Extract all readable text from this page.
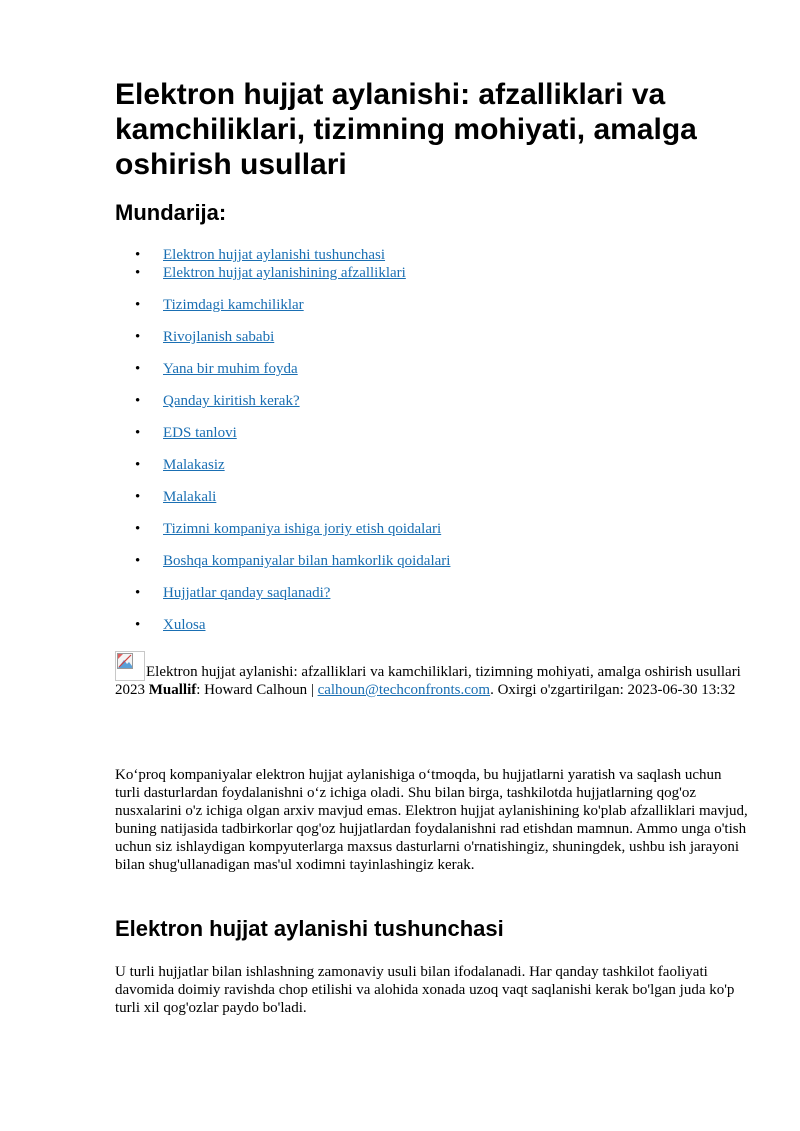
Elektron hujjat aylanishi: afzalliklari va kamchiliklari, tizimning mohiyati, amalga oshirish usullari
Mundarija:
• Elektron hujjat aylanishi tushunchasi
• Elektron hujjat aylanishining afzalliklari
• Tizimdagi kamchiliklar
• Rivojlanish sababi
• Yana bir muhim foyda
• Qanday kiritish kerak?
• EDS tanlovi
• Malakasiz
• Malakali
• Tizimni kompaniya ishiga joriy etish qoidalari
• Boshqa kompaniyalar bilan hamkorlik qoidalari
• Hujjatlar qanday saqlanadi?
• Xulosa
Elektron hujjat aylanishi: afzalliklari va kamchiliklari, tizimning mohiyati, amalga oshirish usullari
2023 Muallif: Howard Calhoun | calhoun@techconfronts.com. Oxirgi o'zgartirilgan: 2023-06-30 13:32

Ko‘proq kompaniyalar elektron hujjat aylanishiga o‘tmoqda, bu hujjatlarni yaratish va saqlash uchun turli dasturlardan foydalanishni o‘z ichiga oladi. Shu bilan birga, tashkilotda hujjatlarning qog'oz nusxalarini o'z ichiga olgan arxiv mavjud emas. Elektron hujjat aylanishining ko'plab afzalliklari mavjud, buning natijasida tadbirkorlar qog'oz hujjatlardan foydalanishni rad etishdan mamnun. Ammo unga o'tish uchun siz ishlaydigan kompyuterlarga maxsus dasturlarni o'rnatishingiz, shuningdek, ushbu ish jarayoni bilan shug'ullanadigan mas'ul xodimni tayinlashingiz kerak.

Elektron hujjat aylanishi tushunchasi

U turli hujjatlar bilan ishlashning zamonaviy usuli bilan ifodalanadi. Har qanday tashkilot faoliyati davomida doimiy ravishda chop etilishi va alohida xonada uzoq vaqt saqlanishi kerak bo'lgan juda ko'p turli xil qog'ozlar paydo bo'ladi.
